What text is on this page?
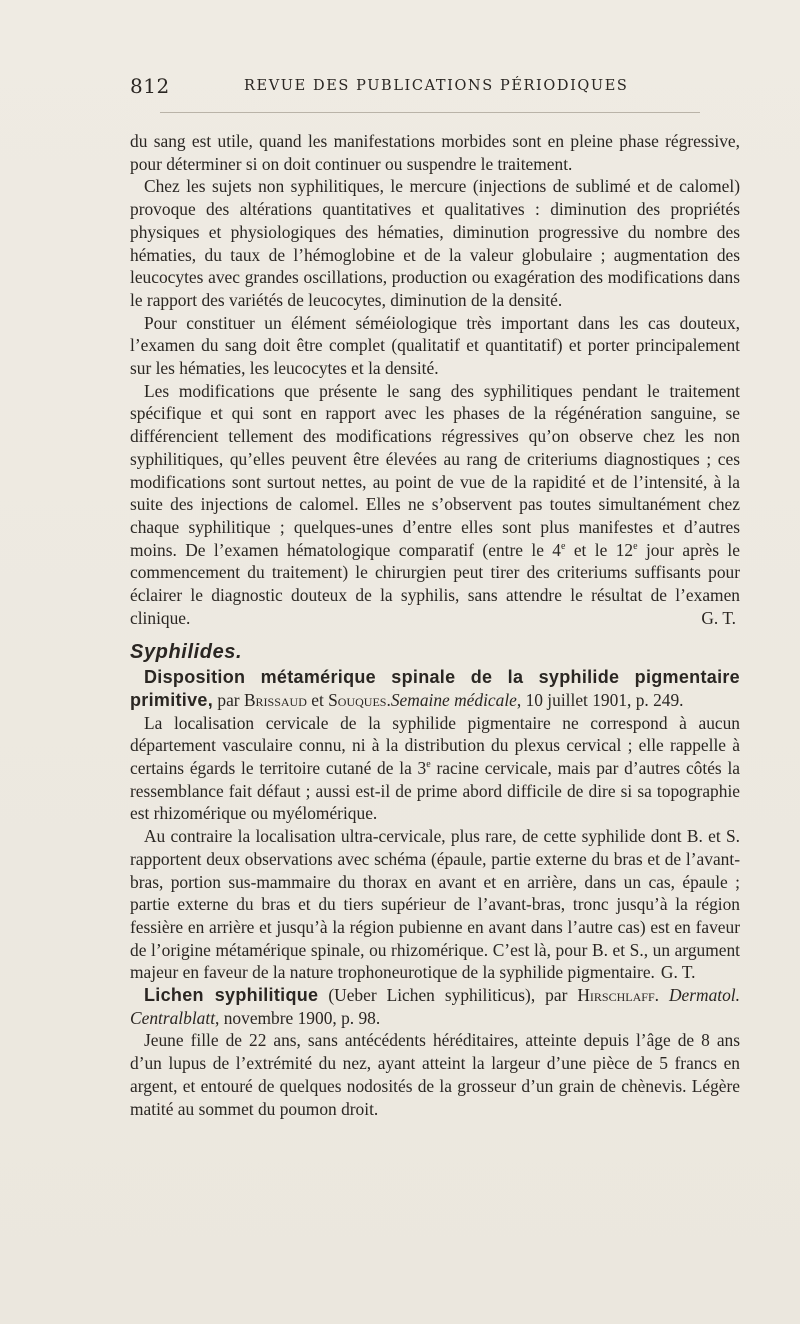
812	REVUE DES PUBLICATIONS PÉRIODIQUES

du sang est utile, quand les manifestations morbides sont en pleine phase régressive, pour déterminer si on doit continuer ou suspendre le traitement.

Chez les sujets non syphilitiques, le mercure (injections de sublimé et de calomel) provoque des altérations quantitatives et qualitatives : diminution des propriétés physiques et physiologiques des hématies, diminution progressive du nombre des hématies, du taux de l’hémoglobine et de la valeur globulaire ; augmentation des leucocytes avec grandes oscillations, production ou exagération des modifications dans le rapport des variétés de leucocytes, diminution de la densité.

Pour constituer un élément séméiologique très important dans les cas douteux, l’examen du sang doit être complet (qualitatif et quantitatif) et porter principalement sur les hématies, les leucocytes et la densité.

Les modifications que présente le sang des syphilitiques pendant le traitement spécifique et qui sont en rapport avec les phases de la régénération sanguine, se différencient tellement des modifications régressives qu’on observe chez les non syphilitiques, qu’elles peuvent être élevées au rang de criteriums diagnostiques ; ces modifications sont surtout nettes, au point de vue de la rapidité et de l’intensité, à la suite des injections de calomel. Elles ne s’observent pas toutes simultanément chez chaque syphilitique ; quelques-unes d’entre elles sont plus manifestes et d’autres moins. De l’examen hématologique comparatif (entre le 4e et le 12e jour après le commencement du traitement) le chirurgien peut tirer des criteriums suffisants pour éclairer le diagnostic douteux de la syphilis, sans attendre le résultat de l’examen clinique.	G. T.

Syphilides.

Disposition métamérique spinale de la syphilide pigmentaire primitive, par Brissaud et Souques.Semaine médicale, 10 juillet 1901, p. 249.

La localisation cervicale de la syphilide pigmentaire ne correspond à aucun département vasculaire connu, ni à la distribution du plexus cervical ; elle rappelle à certains égards le territoire cutané de la 3e racine cervicale, mais par d’autres côtés la ressemblance fait défaut ; aussi est-il de prime abord difficile de dire si sa topographie est rhizomérique ou myélomérique.

Au contraire la localisation ultra-cervicale, plus rare, de cette syphilide dont B. et S. rapportent deux observations avec schéma (épaule, partie externe du bras et de l’avant-bras, portion sus-mammaire du thorax en avant et en arrière, dans un cas, épaule ; partie externe du bras et du tiers supérieur de l’avant-bras, tronc jusqu’à la région fessière en arrière et jusqu’à la région pubienne en avant dans l’autre cas) est en faveur de l’origine métamérique spinale, ou rhizomérique. C’est là, pour B. et S., un argument majeur en faveur de la nature trophoneurotique de la syphilide pigmentaire. G. T.

Lichen syphilitique (Ueber Lichen syphiliticus), par Hirschlaff. Dermatol. Centralblatt, novembre 1900, p. 98.

Jeune fille de 22 ans, sans antécédents héréditaires, atteinte depuis l’âge de 8 ans d’un lupus de l’extrémité du nez, ayant atteint la largeur d’une pièce de 5 francs en argent, et entouré de quelques nodosités de la grosseur d’un grain de chènevis. Légère matité au sommet du poumon droit.
